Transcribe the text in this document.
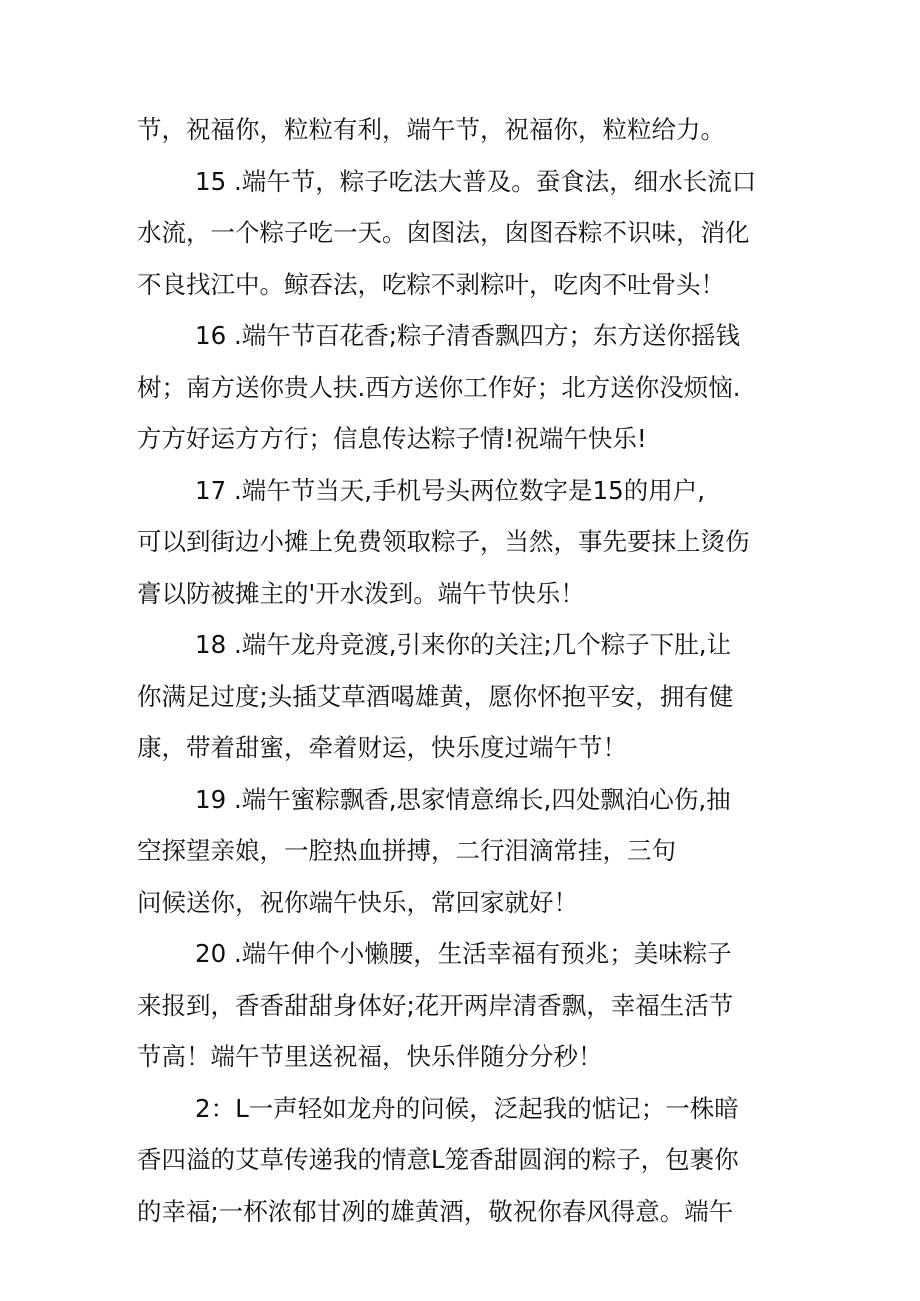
节，祝福你，粒粒有利，端午节，祝福你，粒粒给力。
15 .端午节，粽子吃法大普及。蚕食法，细水长流口
水流，一个粽子吃一天。囱图法，囱图吞粽不识味，消化
不良找江中。鲸吞法，吃粽不剥粽叶，吃肉不吐骨头！
16 .端午节百花香;粽子清香飘四方；东方送你摇钱
树；南方送你贵人扶.西方送你工作好；北方送你没烦恼.
方方好运方方行；信息传达粽子情!祝端午快乐!
17 .端午节当天,手机号头两位数字是15的用户,
可以到街边小摊上免费领取粽子，当然，事先要抹上烫伤
膏以防被摊主的'开水泼到。端午节快乐！
18 .端午龙舟竞渡,引来你的关注;几个粽子下肚,让
你满足过度;头插艾草酒喝雄黄，愿你怀抱平安，拥有健
康，带着甜蜜，牵着财运，快乐度过端午节！
19 .端午蜜粽飘香,思家情意绵长,四处飘泊心伤,抽
空探望亲娘，一腔热血拼搏，二行泪滴常挂，三句
问候送你，祝你端午快乐，常回家就好！
20 .端午伸个小懒腰，生活幸福有预兆；美味粽子
来报到，香香甜甜身体好;花开两岸清香飘，幸福生活节
节高！端午节里送祝福，快乐伴随分分秒！
2：L一声轻如龙舟的问候，泛起我的惦记；一株暗
香四溢的艾草传递我的情意L笼香甜圆润的粽子，包裹你
的幸福;一杯浓郁甘冽的雄黄酒，敬祝你春风得意。端午
